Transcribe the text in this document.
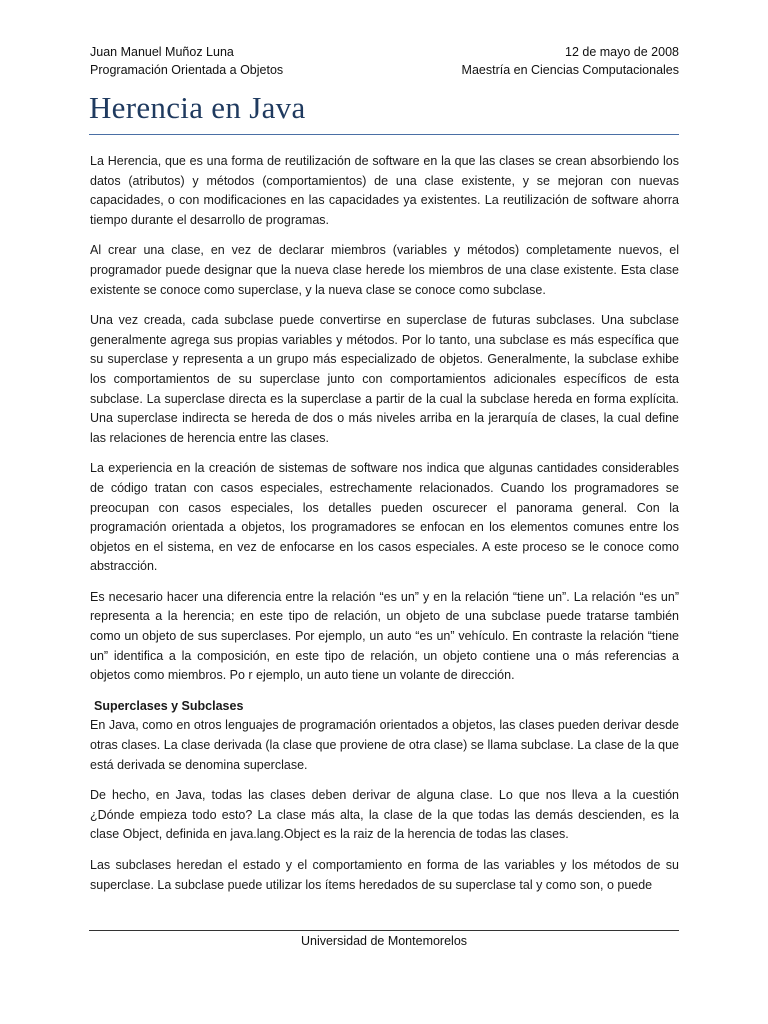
Juan Manuel Muñoz Luna	12 de mayo de 2008
Programación Orientada a Objetos	Maestría en Ciencias Computacionales
Herencia en Java

La Herencia, que es una forma de reutilización de software en la que las clases se crean absorbiendo los datos (atributos) y métodos (comportamientos) de una clase existente, y se mejoran con nuevas capacidades, o con modificaciones en las capacidades ya existentes. La reutilización de software ahorra tiempo durante el desarrollo de programas.

Al crear una clase, en vez de declarar miembros (variables y métodos) completamente nuevos, el programador puede designar que la nueva clase herede los miembros de una clase existente. Esta clase existente se conoce como superclase, y la nueva clase se conoce como subclase.

Una vez creada, cada subclase puede convertirse en superclase de futuras subclases. Una subclase generalmente agrega sus propias variables y métodos. Por lo tanto, una subclase es más específica que su superclase y representa a un grupo más especializado de objetos. Generalmente, la subclase exhibe los comportamientos de su superclase junto con comportamientos adicionales específicos de esta subclase. La superclase directa es la superclase a partir de la cual la subclase hereda en forma explícita. Una superclase indirecta se hereda de dos o más niveles arriba en la jerarquía de clases, la cual define las relaciones de herencia entre las clases.

La experiencia en la creación de sistemas de software nos indica que algunas cantidades considerables de código tratan con casos especiales, estrechamente relacionados. Cuando los programadores se preocupan con casos especiales, los detalles pueden oscurecer el panorama general. Con la programación orientada a objetos, los programadores se enfocan en los elementos comunes entre los objetos en el sistema, en vez de enfocarse en los casos especiales. A este proceso se le conoce como abstracción.

Es necesario hacer una diferencia entre la relación “es un” y en la relación “tiene un”. La relación “es un” representa a la herencia; en este tipo de relación, un objeto de una subclase puede tratarse también como un objeto de sus superclases. Por ejemplo, un auto “es un” vehículo. En contraste la relación “tiene un” identifica a la composición, en este tipo de relación, un objeto contiene una o más referencias a objetos como miembros. Po r ejemplo, un auto tiene un volante de dirección.

Superclases y Subclases

En Java, como en otros lenguajes de programación orientados a objetos, las clases pueden derivar desde otras clases. La clase derivada (la clase que proviene de otra clase) se llama subclase. La clase de la que está derivada se denomina superclase.

De hecho, en Java, todas las clases deben derivar de alguna clase. Lo que nos lleva a la cuestión ¿Dónde empieza todo esto? La clase más alta, la clase de la que todas las demás descienden, es la clase Object, definida en java.lang.Object es la raiz de la herencia de todas las clases.

Las subclases heredan el estado y el comportamiento en forma de las variables y los métodos de su superclase. La subclase puede utilizar los ítems heredados de su superclase tal y como son, o puede

Universidad de Montemorelos
